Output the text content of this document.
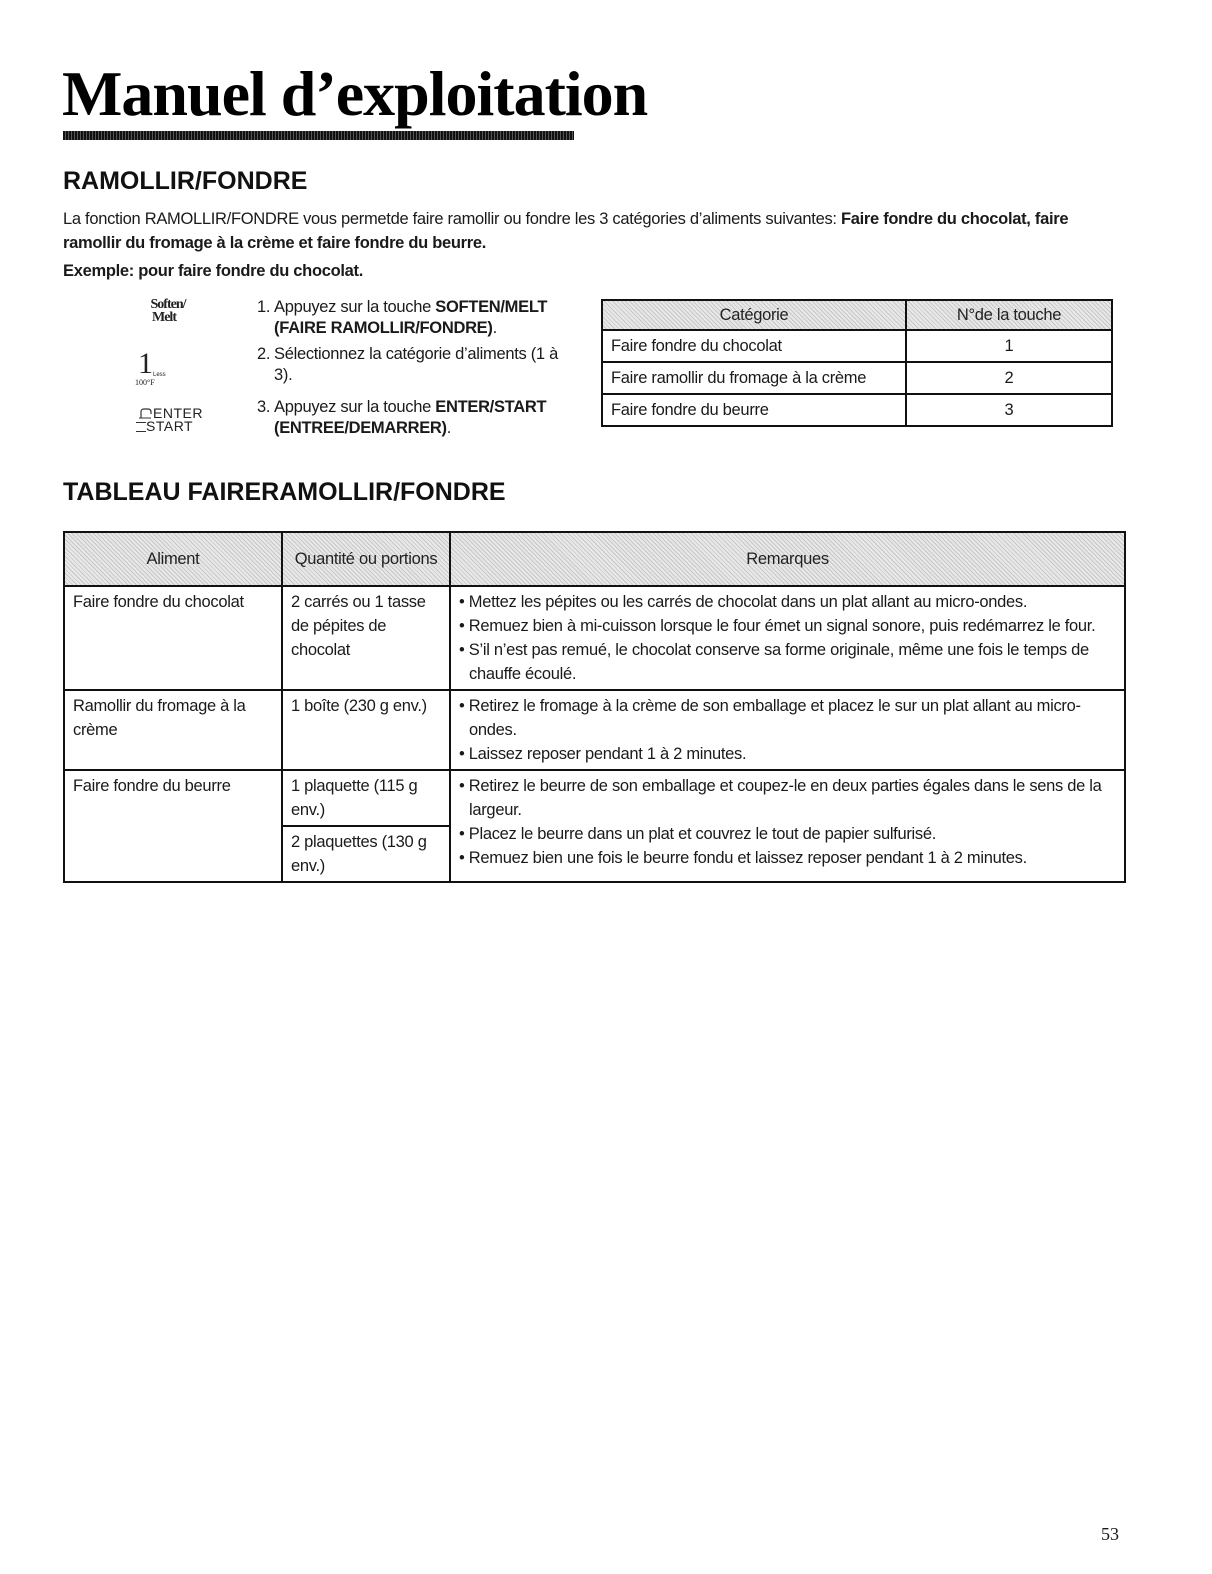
Manuel d’exploitation
RAMOLLIR/FONDRE

La fonction RAMOLLIR/FONDRE vous permetde faire ramollir ou fondre les 3 catégories d’aliments suivantes: Faire fondre du chocolat, faire ramollir du fromage à la crème et faire fondre du beurre.

Exemple: pour faire fondre du chocolat.

Soften/
Melt
1Less
100°F
ENTER
START
1. Appuyez sur la touche SOFTEN/MELT (FAIRE RAMOLLIR/FONDRE).
2. Sélectionnez la catégorie d’aliments (1 à 3).
3. Appuyez sur la touche ENTER/START (ENTREE/DEMARRER).
Catégorie	N°de la touche
Faire fondre du chocolat	1
Faire ramollir du fromage à la crème	2
Faire fondre du beurre	3
TABLEAU FAIRERAMOLLIR/FONDRE
Aliment	Quantité ou portions	Remarques
Faire fondre du chocolat	2 carrés ou 1 tasse de pépites de chocolat	• Mettez les pépites ou les carrés de chocolat dans un plat allant au micro-ondes.
• Remuez bien à mi-cuisson lorsque le four émet un signal sonore, puis redémarrez le four.
• S’il n’est pas remué, le chocolat conserve sa forme originale, même une fois le temps de chauffe écoulé.

Ramollir du fromage à la crème	1 boîte (230 g env.)	• Retirez le fromage à la crème de son emballage et placez le sur un plat allant au micro-ondes.
• Laissez reposer pendant 1 à 2 minutes.

Faire fondre du beurre	1 plaquette (115 g env.)	• Retirez le beurre de son emballage et coupez-le en deux parties égales dans le sens de la largeur.
• Placez le beurre dans un plat et couvrez le tout de papier sulfurisé.
• Remuez bien une fois le beurre fondu et laissez reposer pendant 1 à 2 minutes.

	2 plaquettes (130 g env.)	
53
